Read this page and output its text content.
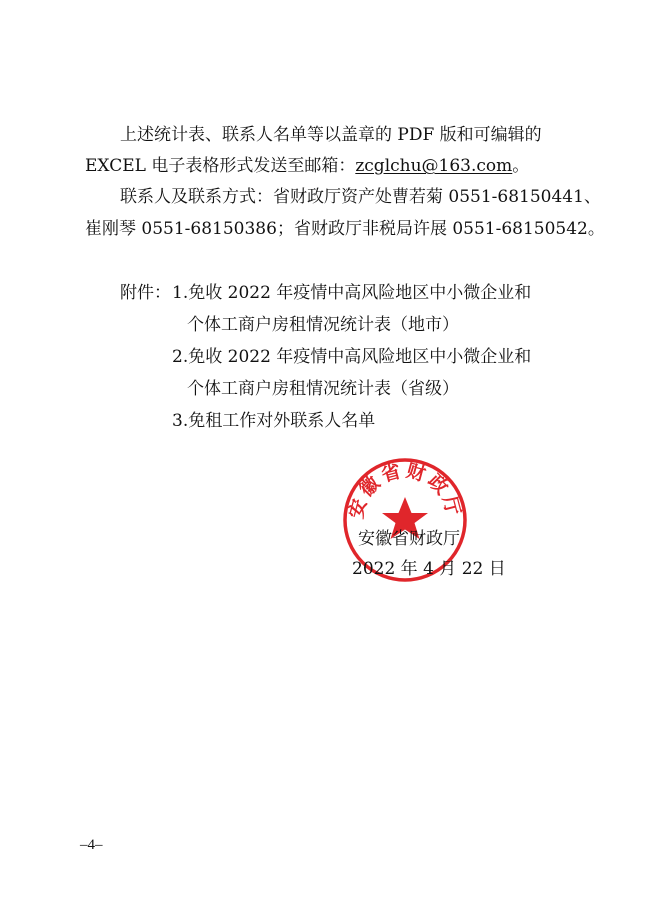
上述统计表、联系人名单等以盖章的 PDF 版和可编辑的
EXCEL 电子表格形式发送至邮箱：zcglchu@163.com。
联系人及联系方式：省财政厅资产处曹若菊 0551-68150441、
崔刚琴 0551-68150386；省财政厅非税局许展 0551-68150542。
附件： 1.免收 2022 年疫情中高风险地区中小微企业和
个体工商户房租情况统计表（地市）
2.免收 2022 年疫情中高风险地区中小微企业和
个体工商户房租情况统计表（省级）
3.免租工作对外联系人名单
安徽省财政厅
安徽省财政厅
2022 年 4 月 22 日
–4–
